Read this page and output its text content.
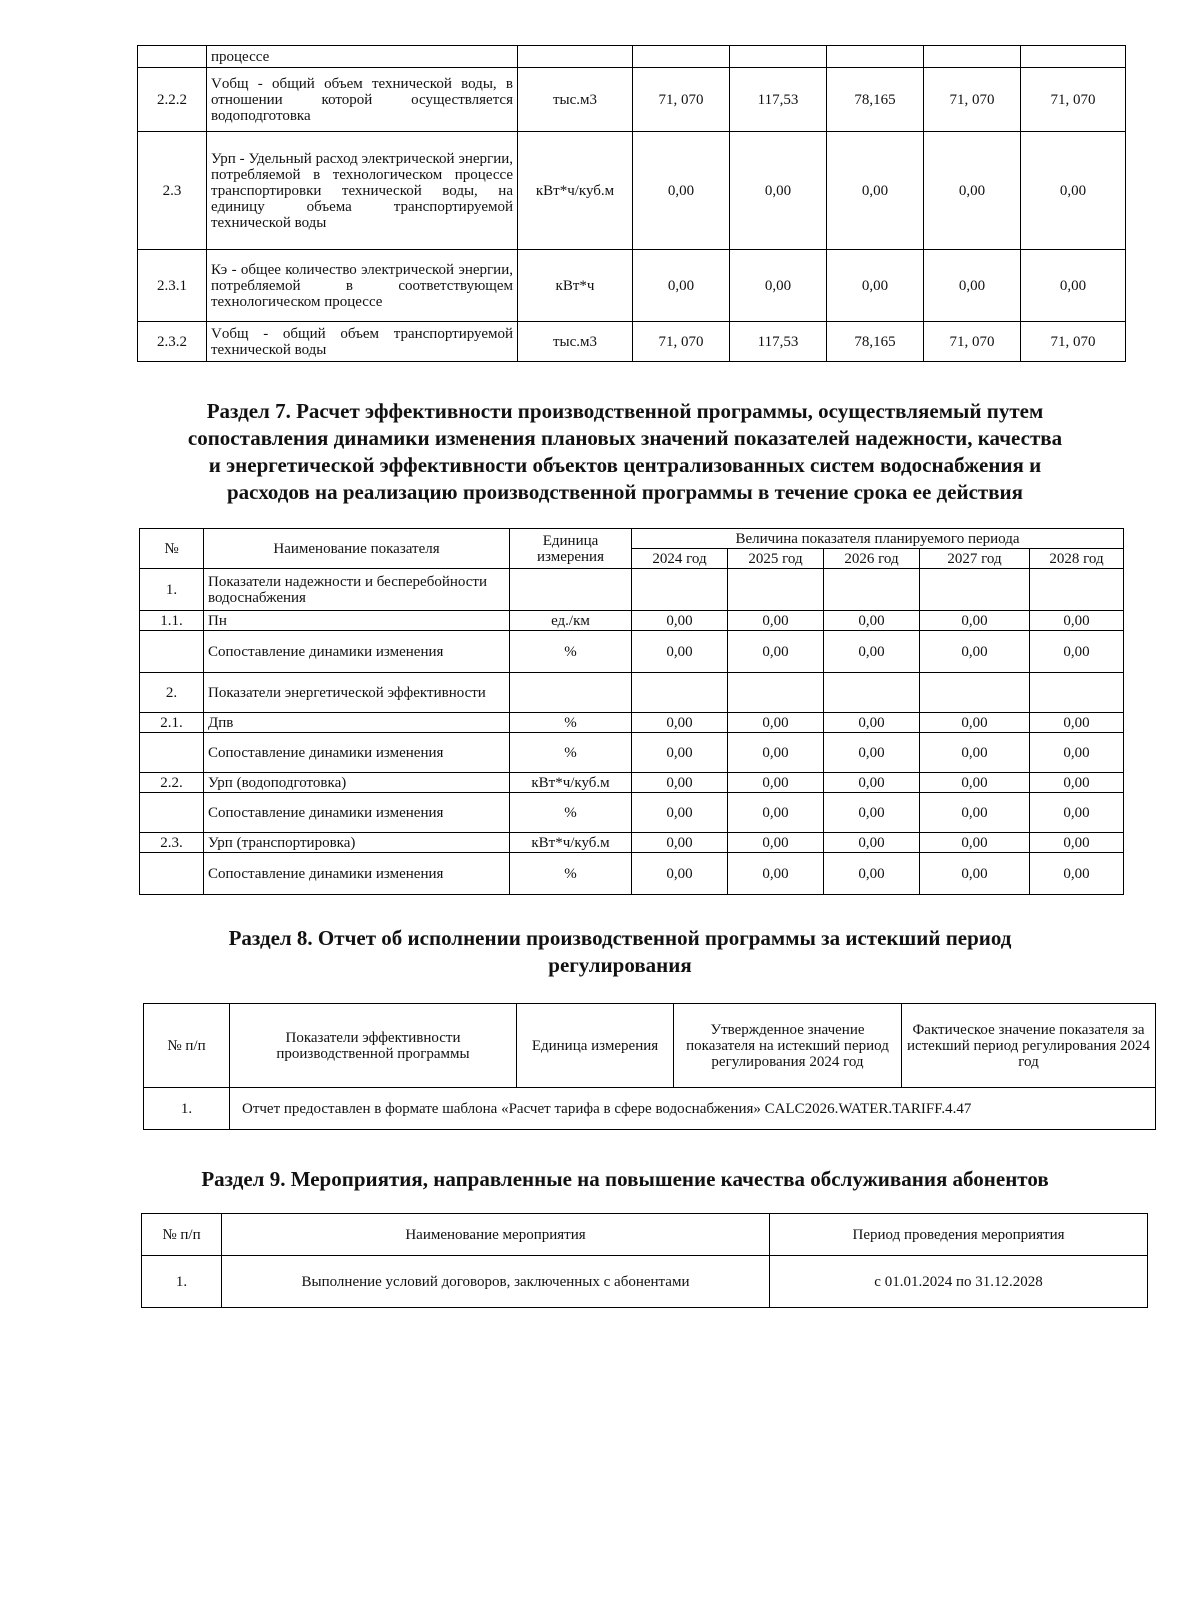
	процессе						
2.2.2	Vобщ - общий объем технической воды, в отношении которой осуществляется водоподготовка	тыс.м3	71, 070	117,53	78,165	71, 070	71, 070
2.3	Урп - Удельный расход электрической энергии, потребляемой в технологическом процессе транспортировки технической воды, на единицу объема транспортируемой технической воды	кВт*ч/куб.м	0,00	0,00	0,00	0,00	0,00
2.3.1	Кэ - общее количество электрической энергии, потребляемой в соответствующем технологическом процессе	кВт*ч	0,00	0,00	0,00	0,00	0,00
2.3.2	Vобщ - общий объем транспортируемой технической воды	тыс.м3	71, 070	117,53	78,165	71, 070	71, 070
Раздел 7. Расчет эффективности производственной программы, осуществляемый путем
сопоставления динамики изменения плановых значений показателей надежности, качества
и энергетической эффективности объектов централизованных систем водоснабжения и
расходов на реализацию производственной программы в течение срока ее действия
№	Наименование показателя	Единица измерения	Величина показателя планируемого периода				
			2024 год	2025 год	2026 год	2027 год	2028 год
1.	Показатели надежности и бесперебойности водоснабжения						
1.1.	Пн	ед./км	0,00	0,00	0,00	0,00	0,00
	Сопоставление динамики изменения	%	0,00	0,00	0,00	0,00	0,00
2.	Показатели энергетической эффективности						
2.1.	Дпв	%	0,00	0,00	0,00	0,00	0,00
	Сопоставление динамики изменения	%	0,00	0,00	0,00	0,00	0,00
2.2.	Урп (водоподготовка)	кВт*ч/куб.м	0,00	0,00	0,00	0,00	0,00
	Сопоставление динамики изменения	%	0,00	0,00	0,00	0,00	0,00
2.3.	Урп (транспортировка)	кВт*ч/куб.м	0,00	0,00	0,00	0,00	0,00
	Сопоставление динамики изменения	%	0,00	0,00	0,00	0,00	0,00
Раздел 8. Отчет об исполнении производственной программы за истекший период
регулирования
№ п/п	Показатели эффективности производственной программы	Единица измерения	Утвержденное значение показателя на истекший период регулирования 2024 год	Фактическое значение показателя за истекший период регулирования 2024 год
1.	Отчет предоставлен в формате шаблона «Расчет тарифа в сфере водоснабжения» CALC2026.WATER.TARIFF.4.47			
Раздел 9. Мероприятия, направленные на повышение качества обслуживания абонентов
№ п/п	Наименование мероприятия	Период проведения мероприятия
1.	Выполнение условий договоров, заключенных с абонентами	с 01.01.2024 по 31.12.2028
